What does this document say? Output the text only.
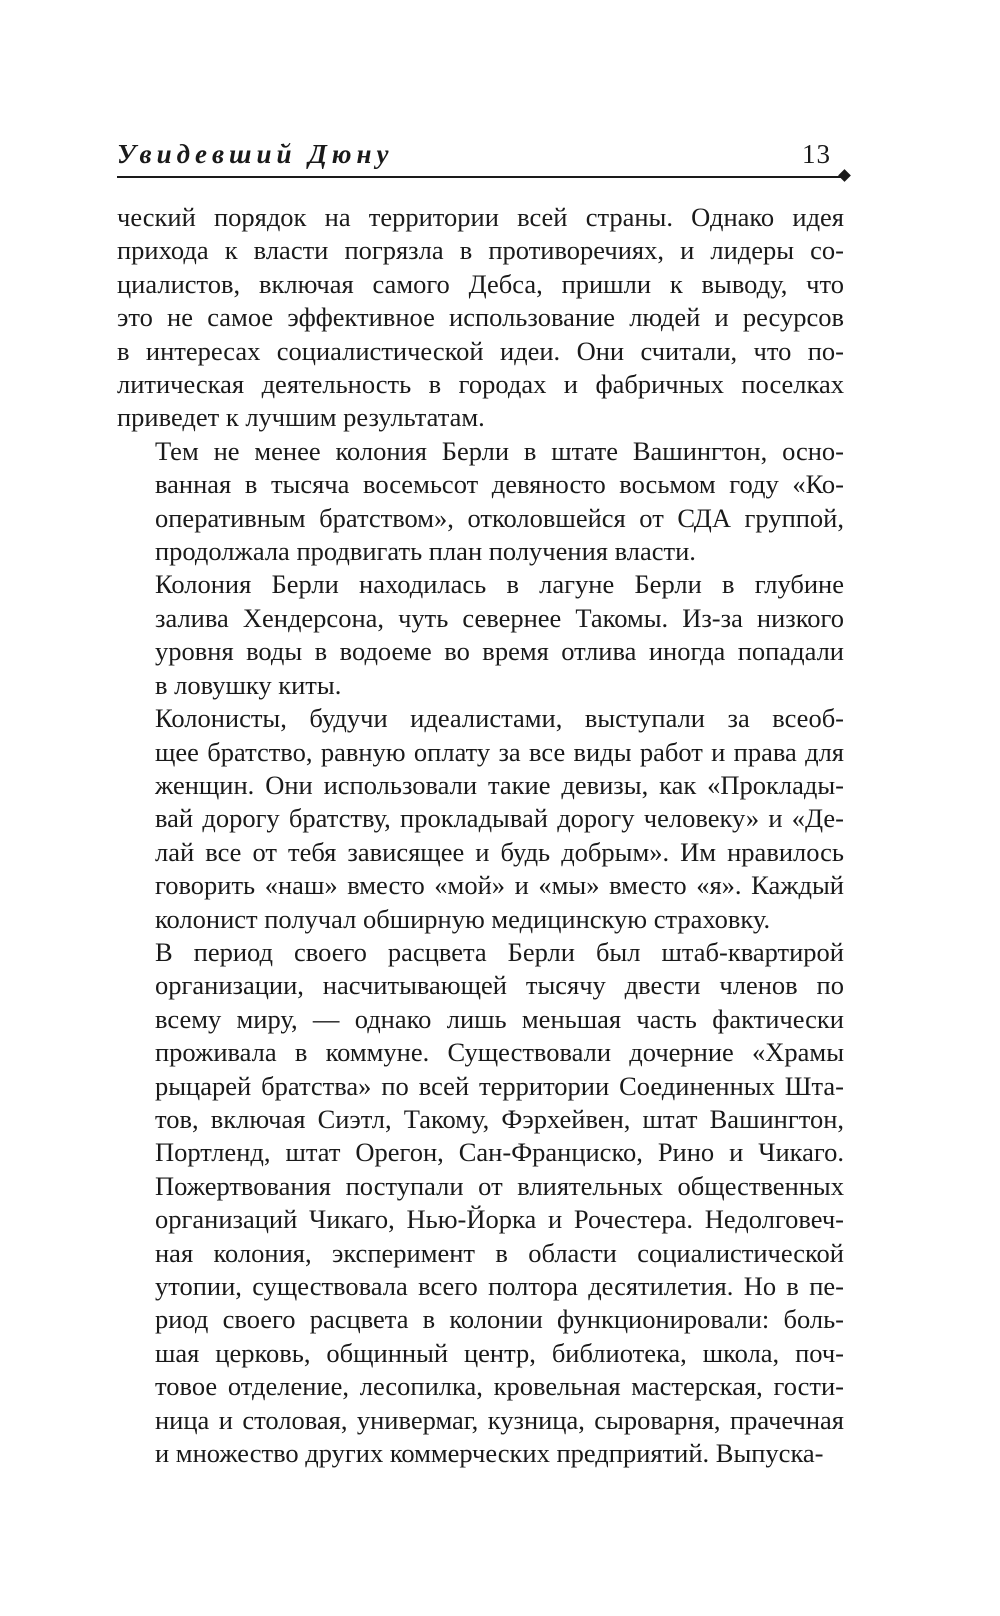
Увидевший Дюну	13

ческий порядок на территории всей страны. Однако идея
прихода к власти погрязла в противоречиях, и лидеры со-
циалистов, включая самого Дебса, пришли к выводу, что
это не самое эффективное использование людей и ресурсов
в интересах социалистической идеи. Они считали, что по-
литическая деятельность в городах и фабричных поселках
приведет к лучшим результатам.

Тем не менее колония Берли в штате Вашингтон, осно-
ванная в тысяча восемьсот девяносто восьмом году «Ко-
оперативным братством», отколовшейся от СДА группой,
продолжала продвигать план получения власти.

Колония Берли находилась в лагуне Берли в глубине
залива Хендерсона, чуть севернее Такомы. Из-за низкого
уровня воды в водоеме во время отлива иногда попадали
в ловушку киты.

Колонисты, будучи идеалистами, выступали за всеоб-
щее братство, равную оплату за все виды работ и права для
женщин. Они использовали такие девизы, как «Проклады-
вай дорогу братству, прокладывай дорогу человеку» и «Де-
лай все от тебя зависящее и будь добрым». Им нравилось
говорить «наш» вместо «мой» и «мы» вместо «я». Каждый
колонист получал обширную медицинскую страховку.

В период своего расцвета Берли был штаб-квартирой
организации, насчитывающей тысячу двести членов по
всему миру, — однако лишь меньшая часть фактически
проживала в коммуне. Существовали дочерние «Храмы
рыцарей братства» по всей территории Соединенных Шта-
тов, включая Сиэтл, Такому, Фэрхейвен, штат Вашингтон,
Портленд, штат Орегон, Сан-Франциско, Рино и Чикаго.
Пожертвования поступали от влиятельных общественных
организаций Чикаго, Нью-Йорка и Рочестера. Недолговеч-
ная колония, эксперимент в области социалистической
утопии, существовала всего полтора десятилетия. Но в пе-
риод своего расцвета в колонии функционировали: боль-
шая церковь, общинный центр, библиотека, школа, поч-
товое отделение, лесопилка, кровельная мастерская, гости-
ница и столовая, универмаг, кузница, сыроварня, прачечная
и множество других коммерческих предприятий. Выпуска-
